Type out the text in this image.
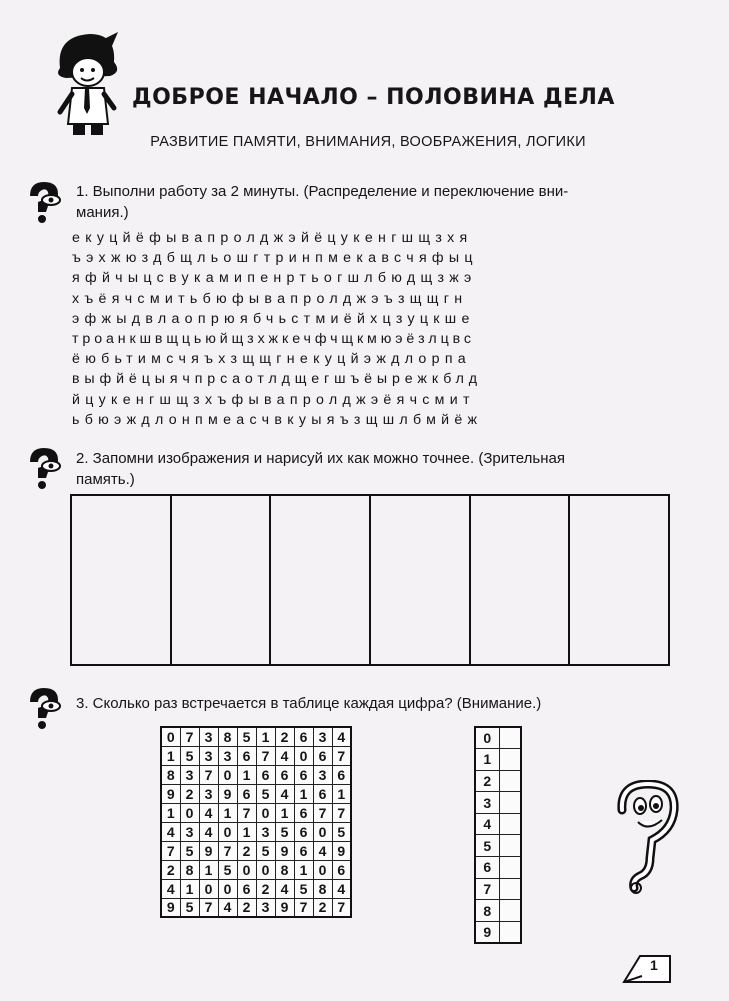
ДОБРОЕ НАЧАЛО – ПОЛОВИНА ДЕЛА
РАЗВИТИЕ ПАМЯТИ, ВНИМАНИЯ, ВООБРАЖЕНИЯ, ЛОГИКИ
1. Выполни работу за 2 минуты. (Распределение и переключение вни-
мания.)
екуцйёфывапролджэйёцукенгшщзхя
ъэхжюздбщльошгтринпмекавсчяфыц
яфйчыцсвукамипенртьогшлбюдщзжэ
хъёячсмитьбюфывапролджэъзщщгн
эфжыдвлаопрюябчьстмиёйхцзуцкше
троанкшвщцьюйщзхжкечфчщкмюэёзлцвс
ёюбьтимсчяъхзщщгнекуцйэждлорпа
выфйёцыячпрсаотлдщегшъёырежкблд
йцукенгшщзхъфывапролджэёячсмит
ьбюэждлонпмеасчвкуыяъзщшлбмйёж
2. Запомни изображения и нарисуй их как можно точнее. (Зрительная
память.)
3. Сколько раз встречается в таблице каждая цифра? (Внимание.)
0	7	3	8	5	1	2	6	3	4
1	5	3	3	6	7	4	0	6	7
8	3	7	0	1	6	6	6	3	6
9	2	3	9	6	5	4	1	6	1
1	0	4	1	7	0	1	6	7	7
4	3	4	0	1	3	5	6	0	5
7	5	9	7	2	5	9	6	4	9
2	8	1	5	0	0	8	1	0	6
4	1	0	0	6	2	4	5	8	4
9	5	7	4	2	3	9	7	2	7
0	
1	
2	
3	
4	
5	
6	
7	
8	
9	
1
